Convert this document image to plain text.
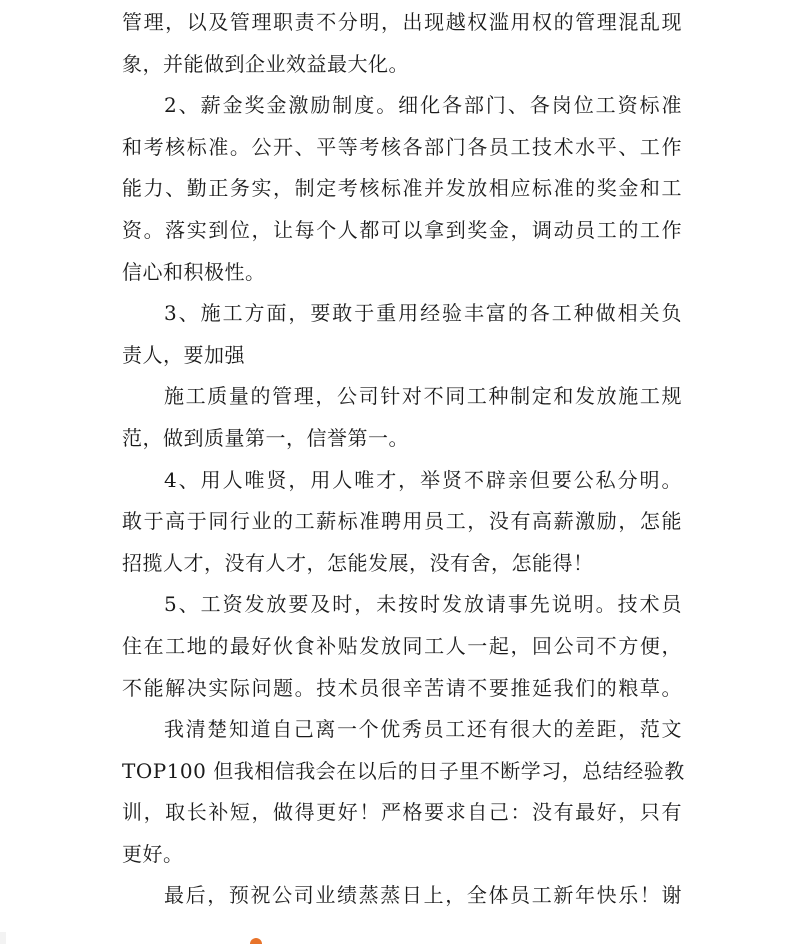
管理，以及管理职责不分明，出现越权滥用权的管理混乱现
象，并能做到企业效益最大化。
2、薪金奖金激励制度。细化各部门、各岗位工资标准
和考核标准。公开、平等考核各部门各员工技术水平、工作
能力、勤正务实，制定考核标准并发放相应标准的奖金和工
资。落实到位，让每个人都可以拿到奖金，调动员工的工作
信心和积极性。
3、施工方面，要敢于重用经验丰富的各工种做相关负
责人，要加强
施工质量的管理，公司针对不同工种制定和发放施工规
范，做到质量第一，信誉第一。
4、用人唯贤，用人唯才，举贤不辟亲但要公私分明。
敢于高于同行业的工薪标准聘用员工，没有高薪激励，怎能
招揽人才，没有人才，怎能发展，没有舍，怎能得！
5、工资发放要及时，未按时发放请事先说明。技术员
住在工地的最好伙食补贴发放同工人一起，回公司不方便，
不能解决实际问题。技术员很辛苦请不要推延我们的粮草。
我清楚知道自己离一个优秀员工还有很大的差距，范文
TOP100 但我相信我会在以后的日子里不断学习，总结经验教
训，取长补短，做得更好！严格要求自己：没有最好，只有
更好。
最后，预祝公司业绩蒸蒸日上，全体员工新年快乐！谢
